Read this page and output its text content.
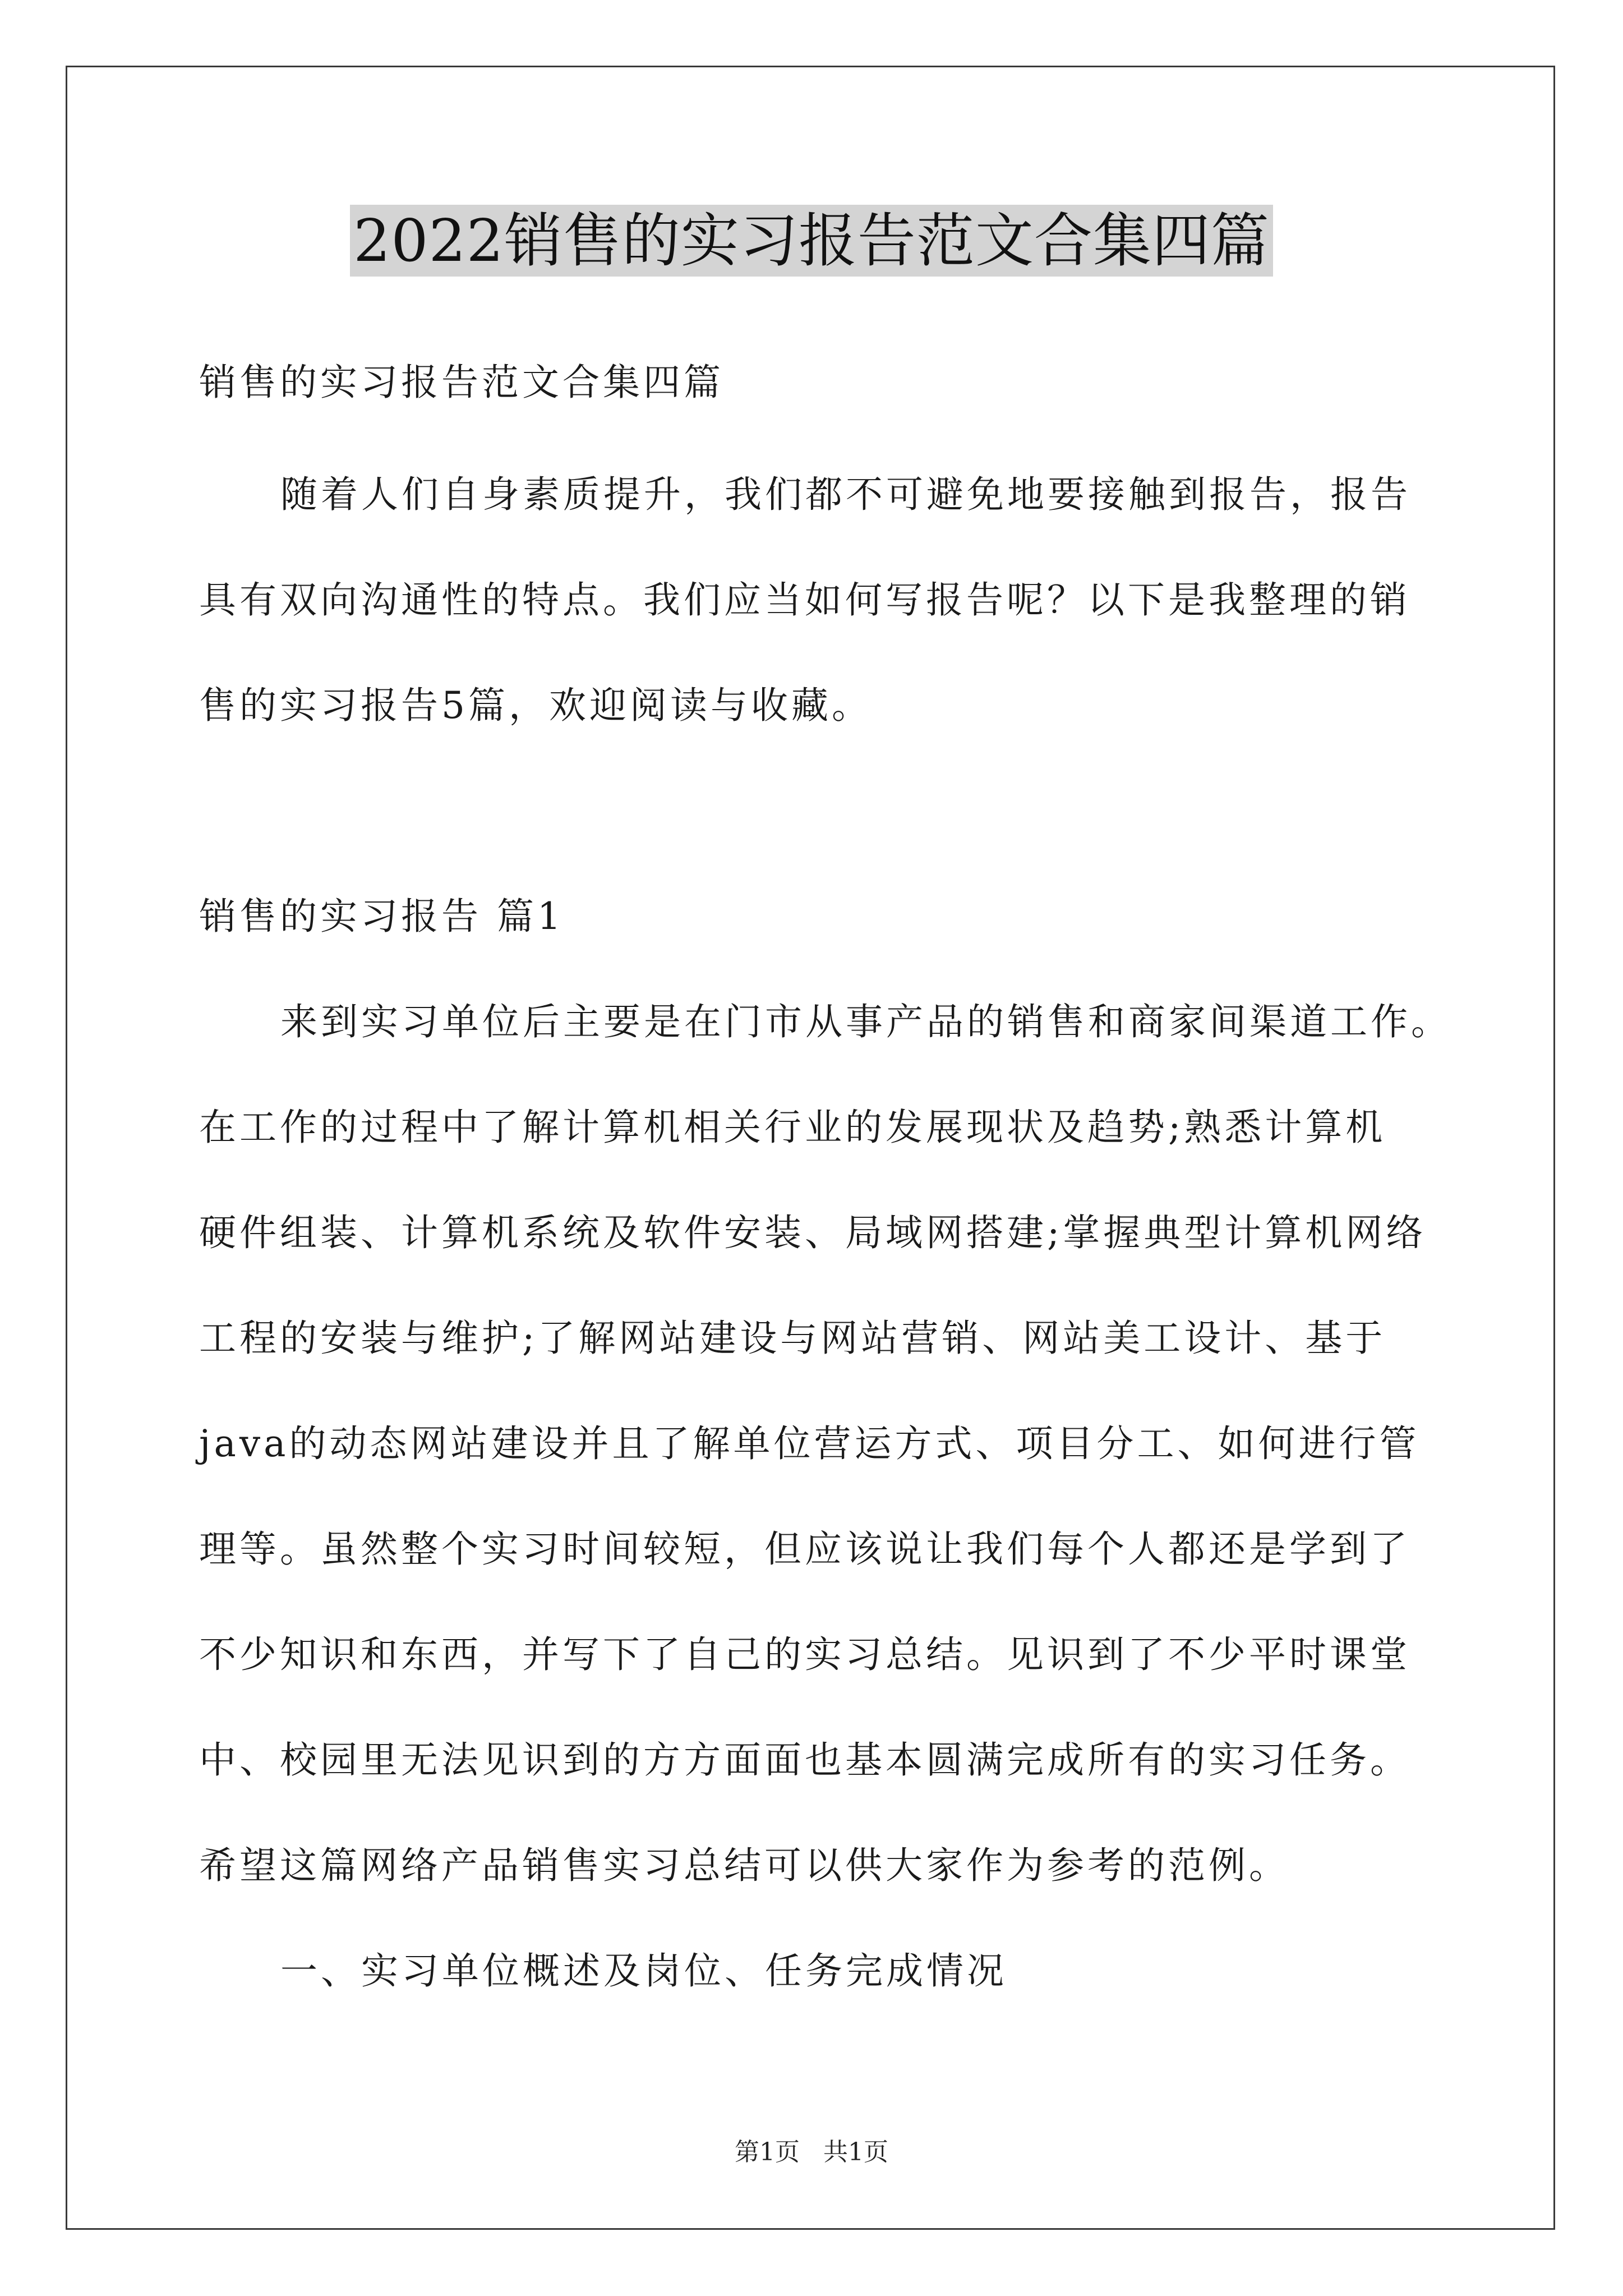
2022销售的实习报告范文合集四篇
销售的实习报告范文合集四篇
随着人们自身素质提升，我们都不可避免地要接触到报告，报告
具有双向沟通性的特点。我们应当如何写报告呢？以下是我整理的销
售的实习报告5篇，欢迎阅读与收藏。
销售的实习报告 篇1
来到实习单位后主要是在门市从事产品的销售和商家间渠道工作。
在工作的过程中了解计算机相关行业的发展现状及趋势;熟悉计算机
硬件组装、计算机系统及软件安装、局域网搭建;掌握典型计算机网络
工程的安装与维护;了解网站建设与网站营销、网站美工设计、基于
java的动态网站建设并且了解单位营运方式、项目分工、如何进行管
理等。虽然整个实习时间较短，但应该说让我们每个人都还是学到了
不少知识和东西，并写下了自己的实习总结。见识到了不少平时课堂
中、校园里无法见识到的方方面面也基本圆满完成所有的实习任务。
希望这篇网络产品销售实习总结可以供大家作为参考的范例。
一、实习单位概述及岗位、任务完成情况
第1页   共1页
